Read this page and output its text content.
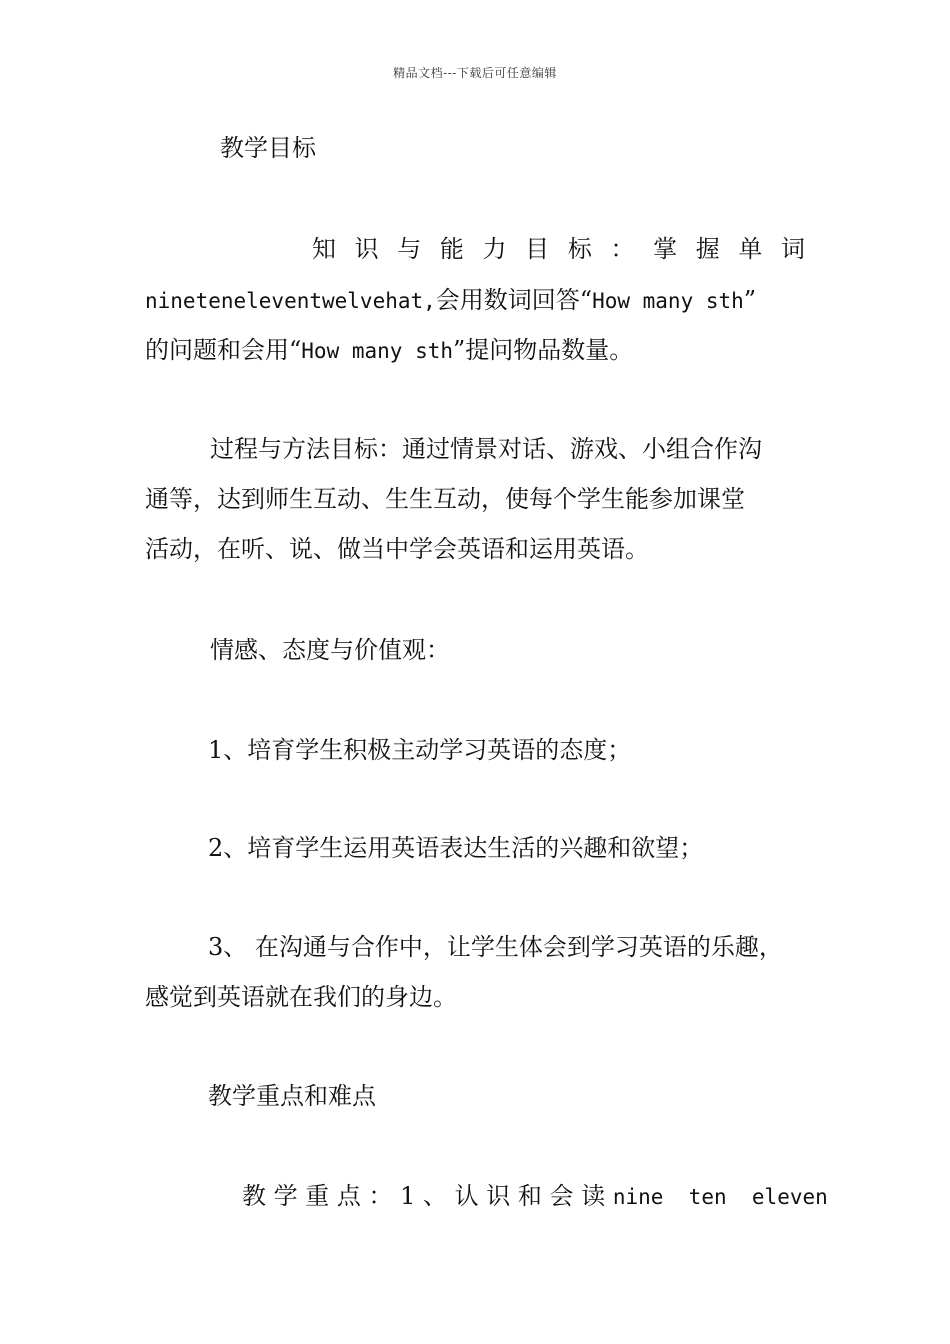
精品文档---下载后可任意编辑
教学目标
知 识 与 能 力 目 标 ： 掌 握 单 词
nineteneleventwelvehat,会用数词回答“How many sth”
的问题和会用“How many sth”提问物品数量。
过程与方法目标：通过情景对话、游戏、小组合作沟
通等，达到师生互动、生生互动，使每个学生能参加课堂
活动，在听、说、做当中学会英语和运用英语。
情感、态度与价值观：
1、培育学生积极主动学习英语的态度；
2、培育学生运用英语表达生活的兴趣和欲望；
3、 在沟通与合作中，让学生体会到学习英语的乐趣，
感觉到英语就在我们的身边。
教学重点和难点
教 学 重 点 ： 1 、 认 识 和 会 读 nine  ten  eleven
